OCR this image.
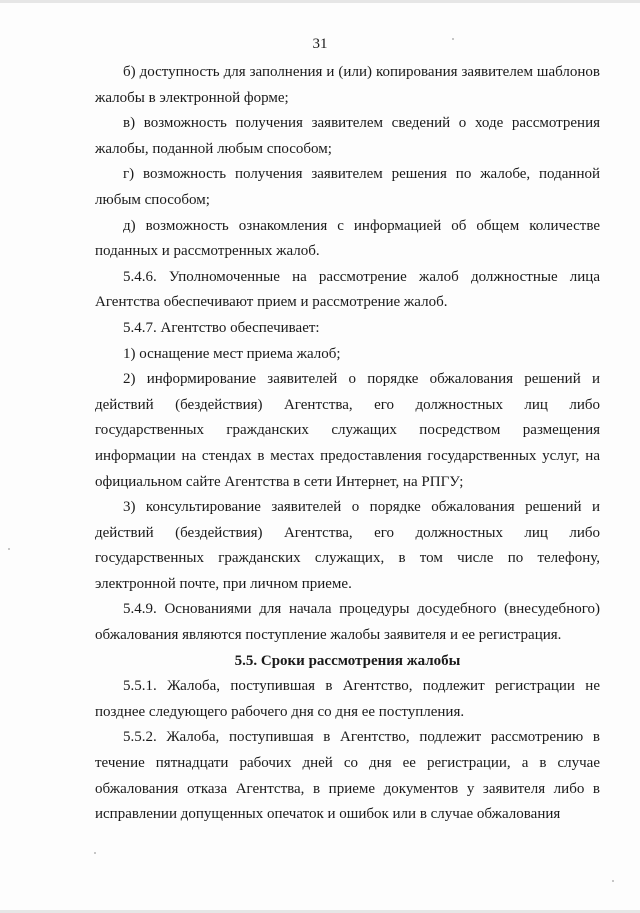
31

б) доступность для заполнения и (или) копирования заявителем шаблонов жалобы в электронной форме;

в) возможность получения заявителем сведений о ходе рассмотрения жалобы, поданной любым способом;

г) возможность получения заявителем решения по жалобе, поданной любым способом;

д) возможность ознакомления с информацией об общем количестве поданных и рассмотренных жалоб.

5.4.6. Уполномоченные на рассмотрение жалоб должностные лица Агентства обеспечивают прием и рассмотрение жалоб.

5.4.7. Агентство обеспечивает:

1) оснащение мест приема жалоб;

2) информирование заявителей о порядке обжалования решений и действий (бездействия) Агентства, его должностных лиц либо государственных гражданских служащих посредством размещения информации на стендах в местах предоставления государственных услуг, на официальном сайте Агентства в сети Интернет, на РПГУ;

3) консультирование заявителей о порядке обжалования решений и действий (бездействия) Агентства, его должностных лиц либо государственных гражданских служащих, в том числе по телефону, электронной почте, при личном приеме.

5.4.9. Основаниями для начала процедуры досудебного (внесудебного) обжалования являются поступление жалобы заявителя и ее регистрация.

5.5. Сроки рассмотрения жалобы

5.5.1. Жалоба, поступившая в Агентство, подлежит регистрации не позднее следующего рабочего дня со дня ее поступления.

5.5.2. Жалоба, поступившая в Агентство, подлежит рассмотрению в течение пятнадцати рабочих дней со дня ее регистрации, а в случае обжалования отказа Агентства, в приеме документов у заявителя либо в исправлении допущенных опечаток и ошибок или в случае обжалования
